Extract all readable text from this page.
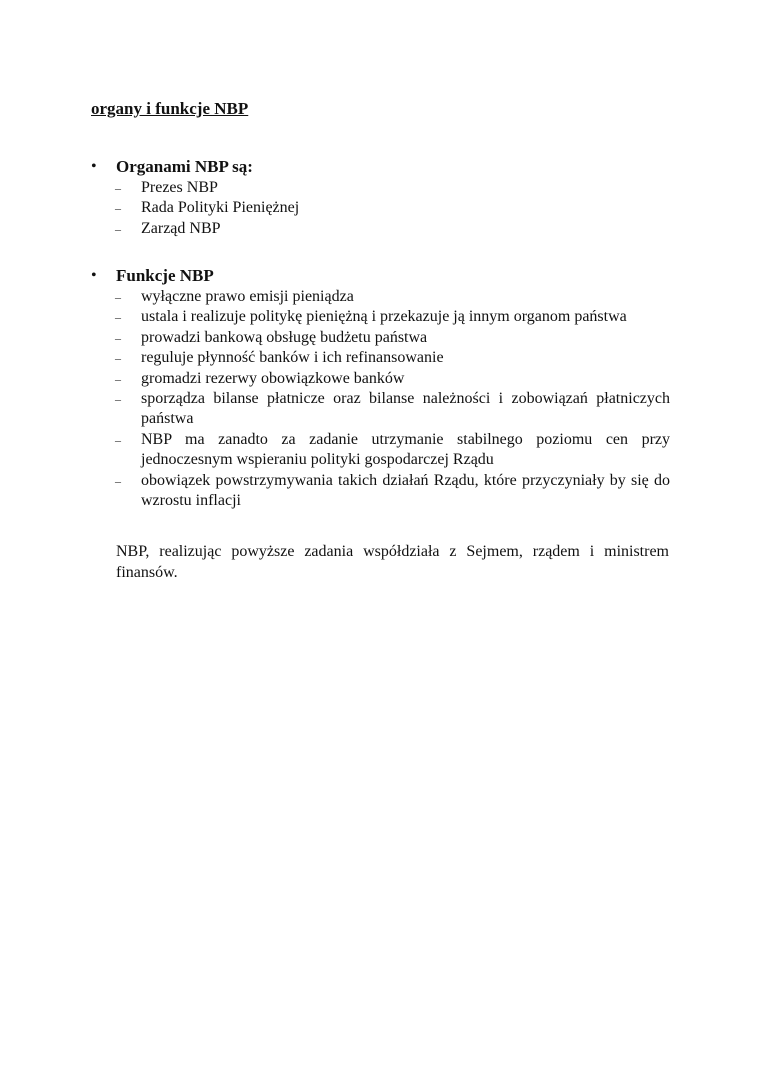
organy i funkcje NBP
•	Organami NBP są:
–	Prezes NBP
–	Rada Polityki Pieniężnej
–	Zarząd NBP
•	Funkcje NBP
–	wyłączne prawo emisji pieniądza
–	ustala i realizuje politykę pieniężną i przekazuje ją innym organom państwa
–	prowadzi bankową obsługę budżetu państwa
–	reguluje płynność banków i ich refinansowanie
–	gromadzi rezerwy obowiązkowe banków
–	sporządza bilanse płatnicze oraz bilanse należności i zobowiązań płatniczych państwa
–	NBP ma zanadto za zadanie utrzymanie stabilnego poziomu cen przy jednoczesnym wspieraniu polityki gospodarczej Rządu
–	obowiązek powstrzymywania takich działań Rządu, które przyczyniały by się do wzrostu inflacji

NBP, realizując powyższe zadania współdziała z Sejmem, rządem i ministrem finansów.
